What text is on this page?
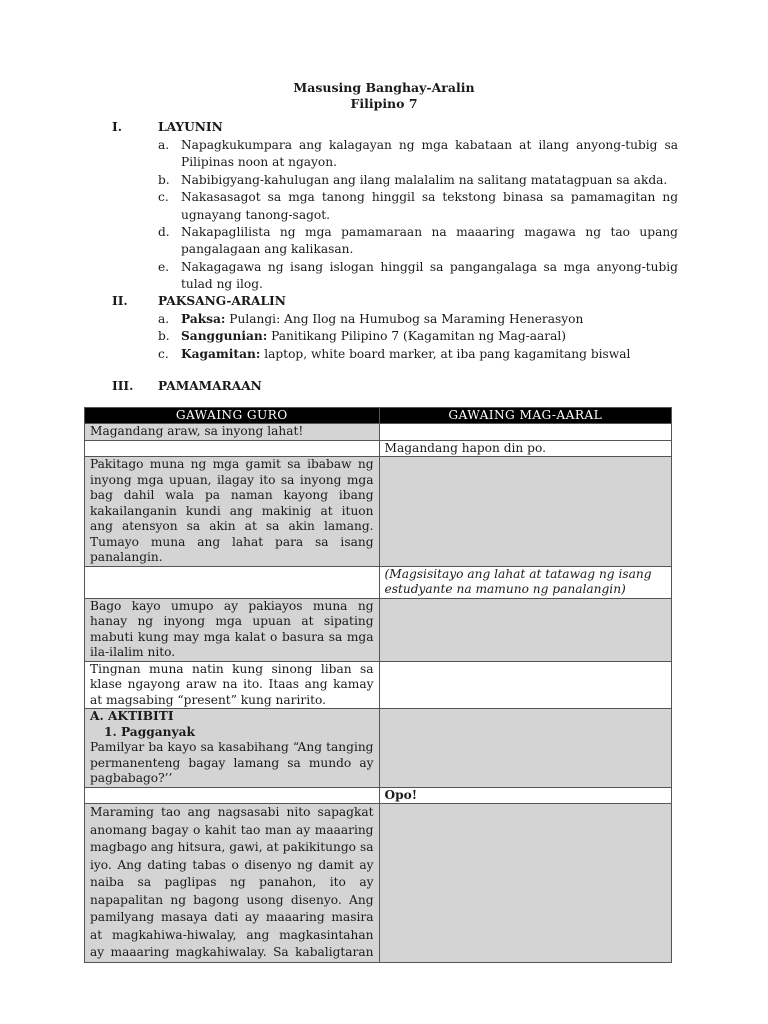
Masusing Banghay-Aralin
Filipino 7
I.	LAYUNIN
a. Napagkukumpara ang kalagayan ng mga kabataan at ilang anyong-tubig sa Pilipinas noon at ngayon.
b. Nabibigyang-kahulugan ang ilang malalalim na salitang matatagpuan sa akda.
c.	Nakasasagot sa mga tanong hinggil sa tekstong binasa sa pamamagitan ng ugnayang tanong-sagot.
d. Nakapaglilista ng mga pamamaraan na maaaring magawa ng tao upang pangalagaan ang kalikasan.
e. Nakagagawa ng isang islogan hinggil sa pangangalaga sa mga anyong-tubig tulad ng ilog.
II. PAKSANG-ARALIN
a. Paksa: Pulangi: Ang Ilog na Humubog sa Maraming Henerasyon
b. Sanggunian: Panitikang Pilipino 7 (Kagamitan ng Mag-aaral)
c.	Kagamitan: laptop, white board marker, at iba pang kagamitang biswal
III. PAMAMARAAN
GAWAING GURO	GAWAING MAG-AARAL
Magandang araw, sa inyong lahat!	
	Magandang hapon din po.
Pakitago muna ng mga gamit sa ibabaw ng inyong mga upuan, ilagay ito sa inyong mga bag dahil wala pa naman kayong ibang kakailanganin kundi ang makinig at ituon ang atensyon sa akin at sa akin lamang. Tumayo muna ang lahat para sa isang panalangin.	
	(Magsisitayo ang lahat at tatawag ng isang estudyante na mamuno ng panalangin)
Bago kayo umupo ay pakiayos muna ng hanay ng inyong mga upuan at sipating mabuti kung may mga kalat o basura sa mga ila-ilalim nito.	
Tingnan muna natin kung sinong liban sa klase ngayong araw na ito. Itaas ang kamay at magsabing “present” kung naririto.	

A. AKTIBITI
1. Pagganyak
Pamilyar ba kayo sa kasabihang “Ang tanging permanenteng bagay lamang sa mundo ay pagbabago?’’	

	Opo!
Maraming tao ang nagsasabi nito sapagkat anomang bagay o kahit tao man ay maaaring magbago ang hitsura, gawi, at pakikitungo sa iyo. Ang dating tabas o disenyo ng damit ay naiba sa paglipas ng panahon, ito ay napapalitan ng bagong usong disenyo. Ang pamilyang masaya dati ay maaaring masira at magkahiwa-hiwalay, ang magkasintahan ay maaaring magkahiwalay. Sa kabaligtaran	
